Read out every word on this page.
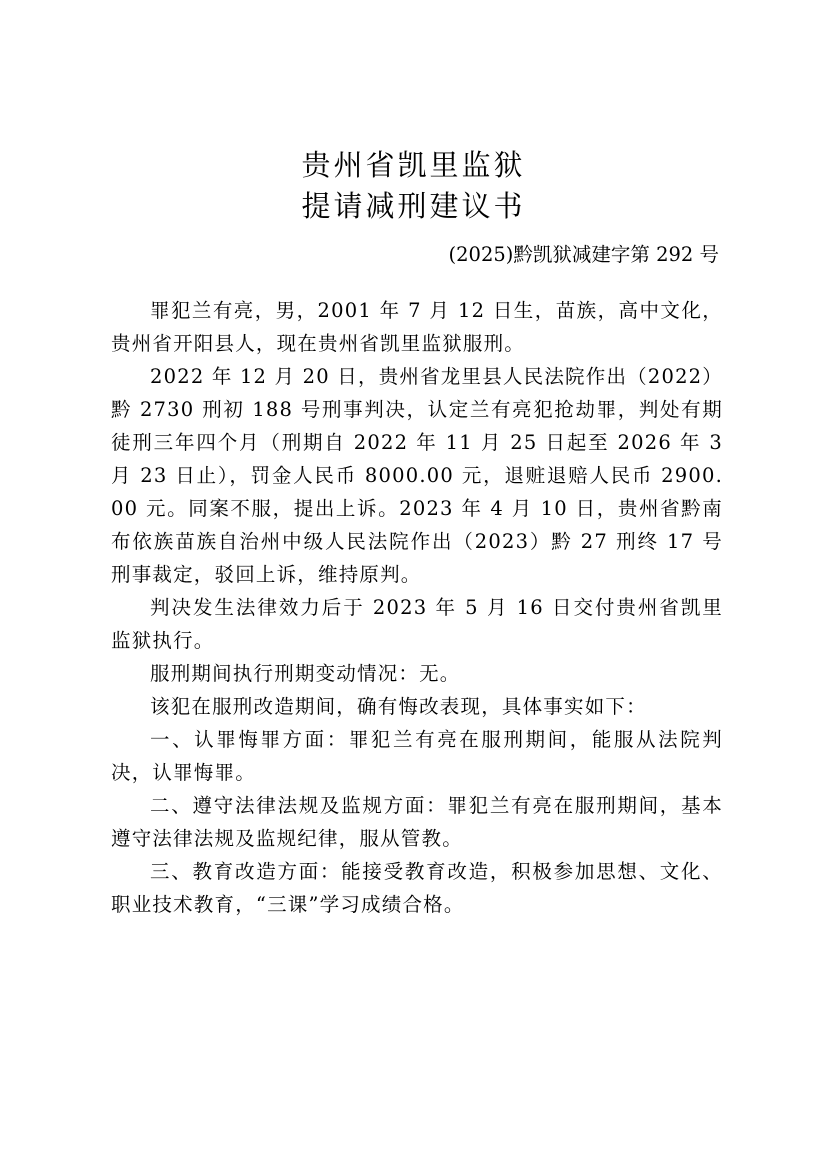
贵州省凯里监狱
提请减刑建议书
(2025)黔凯狱减建字第 292 号

罪犯兰有亮，男，2001 年 7 月 12 日生，苗族，高中文化，贵州省开阳县人，现在贵州省凯里监狱服刑。

2022 年 12 月 20 日，贵州省龙里县人民法院作出（2022）黔 2730 刑初 188 号刑事判决，认定兰有亮犯抢劫罪，判处有期徒刑三年四个月（刑期自 2022 年 11 月 25 日起至 2026 年 3 月 23 日止），罚金人民币 8000.00 元，退赃退赔人民币 2900.00 元。同案不服，提出上诉。2023 年 4 月 10 日，贵州省黔南布依族苗族自治州中级人民法院作出（2023）黔 27 刑终 17 号刑事裁定，驳回上诉，维持原判。

判决发生法律效力后于 2023 年 5 月 16 日交付贵州省凯里监狱执行。

服刑期间执行刑期变动情况：无。

该犯在服刑改造期间，确有悔改表现，具体事实如下：

一、认罪悔罪方面：罪犯兰有亮在服刑期间，能服从法院判决，认罪悔罪。

二、遵守法律法规及监规方面：罪犯兰有亮在服刑期间，基本遵守法律法规及监规纪律，服从管教。

三、教育改造方面：能接受教育改造，积极参加思想、文化、职业技术教育，“三课”学习成绩合格。
